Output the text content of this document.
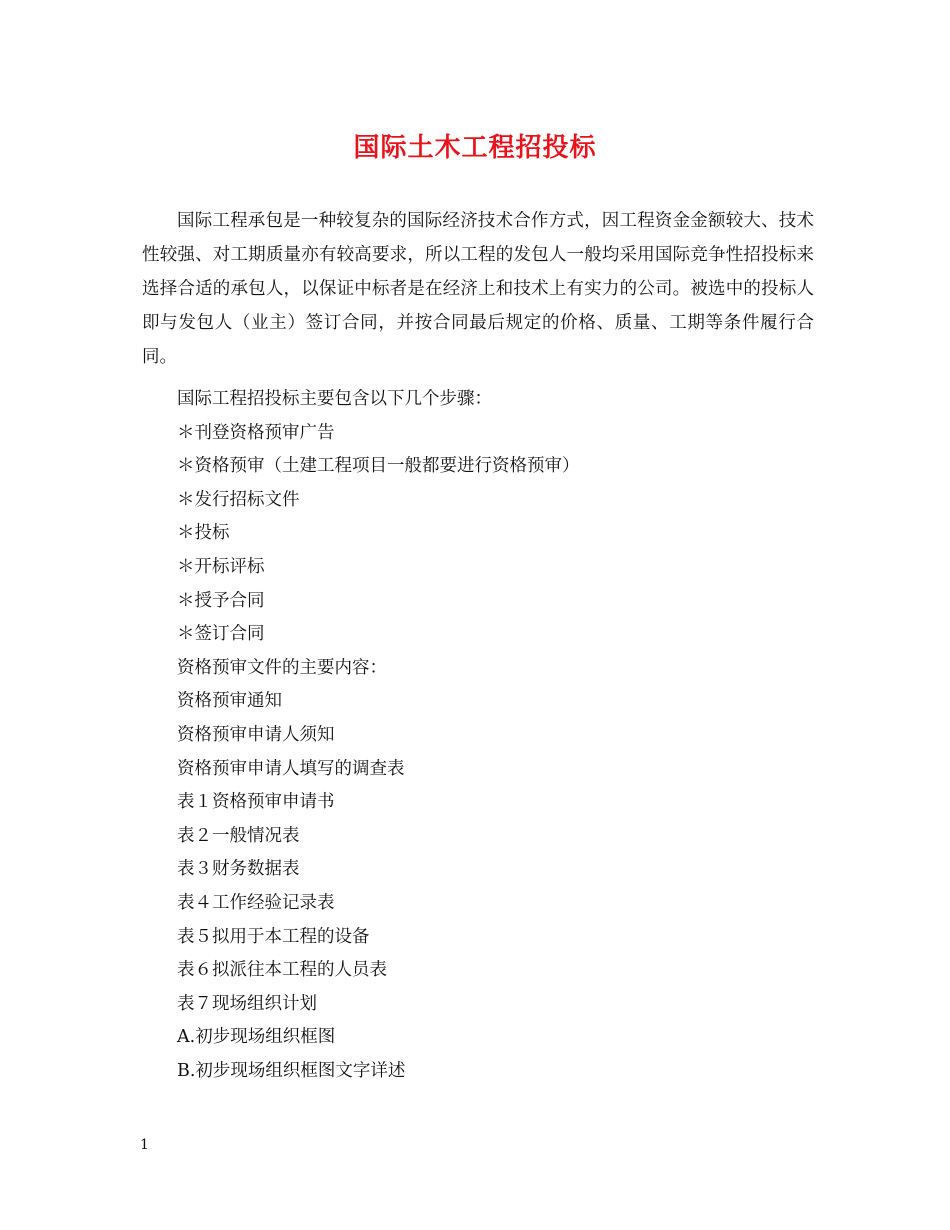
国际土木工程招投标

国际工程承包是一种较复杂的国际经济技术合作方式，因工程资金金额较大、技术性较强、对工期质量亦有较高要求，所以工程的发包人一般均采用国际竞争性招投标来选择合适的承包人，以保证中标者是在经济上和技术上有实力的公司。被选中的投标人即与发包人（业主）签订合同，并按合同最后规定的价格、质量、工期等条件履行合同。

国际工程招投标主要包含以下几个步骤：
＊刊登资格预审广告
＊资格预审（土建工程项目一般都要进行资格预审）
＊发行招标文件
＊投标
＊开标评标
＊授予合同
＊签订合同
资格预审文件的主要内容：
资格预审通知
资格预审申请人须知
资格预审申请人填写的调查表
表１资格预审申请书
表２一般情况表
表３财务数据表
表４工作经验记录表
表５拟用于本工程的设备
表６拟派往本工程的人员表
表７现场组织计划
A.初步现场组织框图
B.初步现场组织框图文字详述
1
